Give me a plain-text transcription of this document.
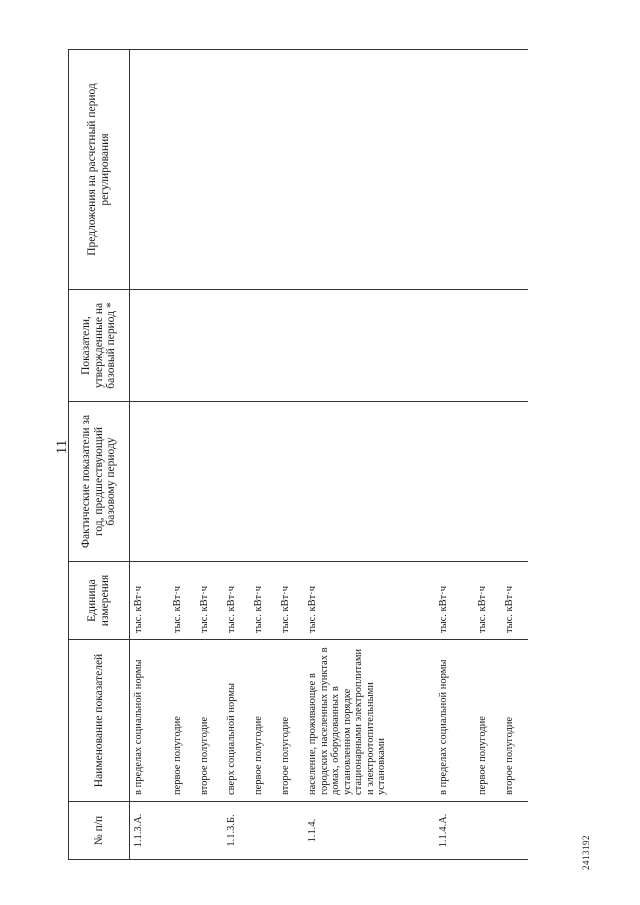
11
№ п/п	Наименование показателей	Единица измерения	Фактические показатели за год, предшествующий базовому периоду	Показатели, утвержденные на базовый период *	Предложения на расчетный период регулирования
1.1.3.А.	в пределах социальной нормы	тыс. кВт·ч			
	первое полугодие	тыс. кВт·ч			
	второе полугодие	тыс. кВт·ч			
1.1.3.Б.	сверх социальной нормы	тыс. кВт·ч			
	первое полугодие	тыс. кВт·ч			
	второе полугодие	тыс. кВт·ч			
1.1.4.	население, проживающее в городских населенных пунктах в домах, оборудованных в установленном порядке стационарными электроплитами и электроотопительными установками	тыс. кВт·ч			
1.1.4.А.	в пределах социальной нормы	тыс. кВт·ч			
	первое полугодие	тыс. кВт·ч			
	второе полугодие	тыс. кВт·ч			
2413192
